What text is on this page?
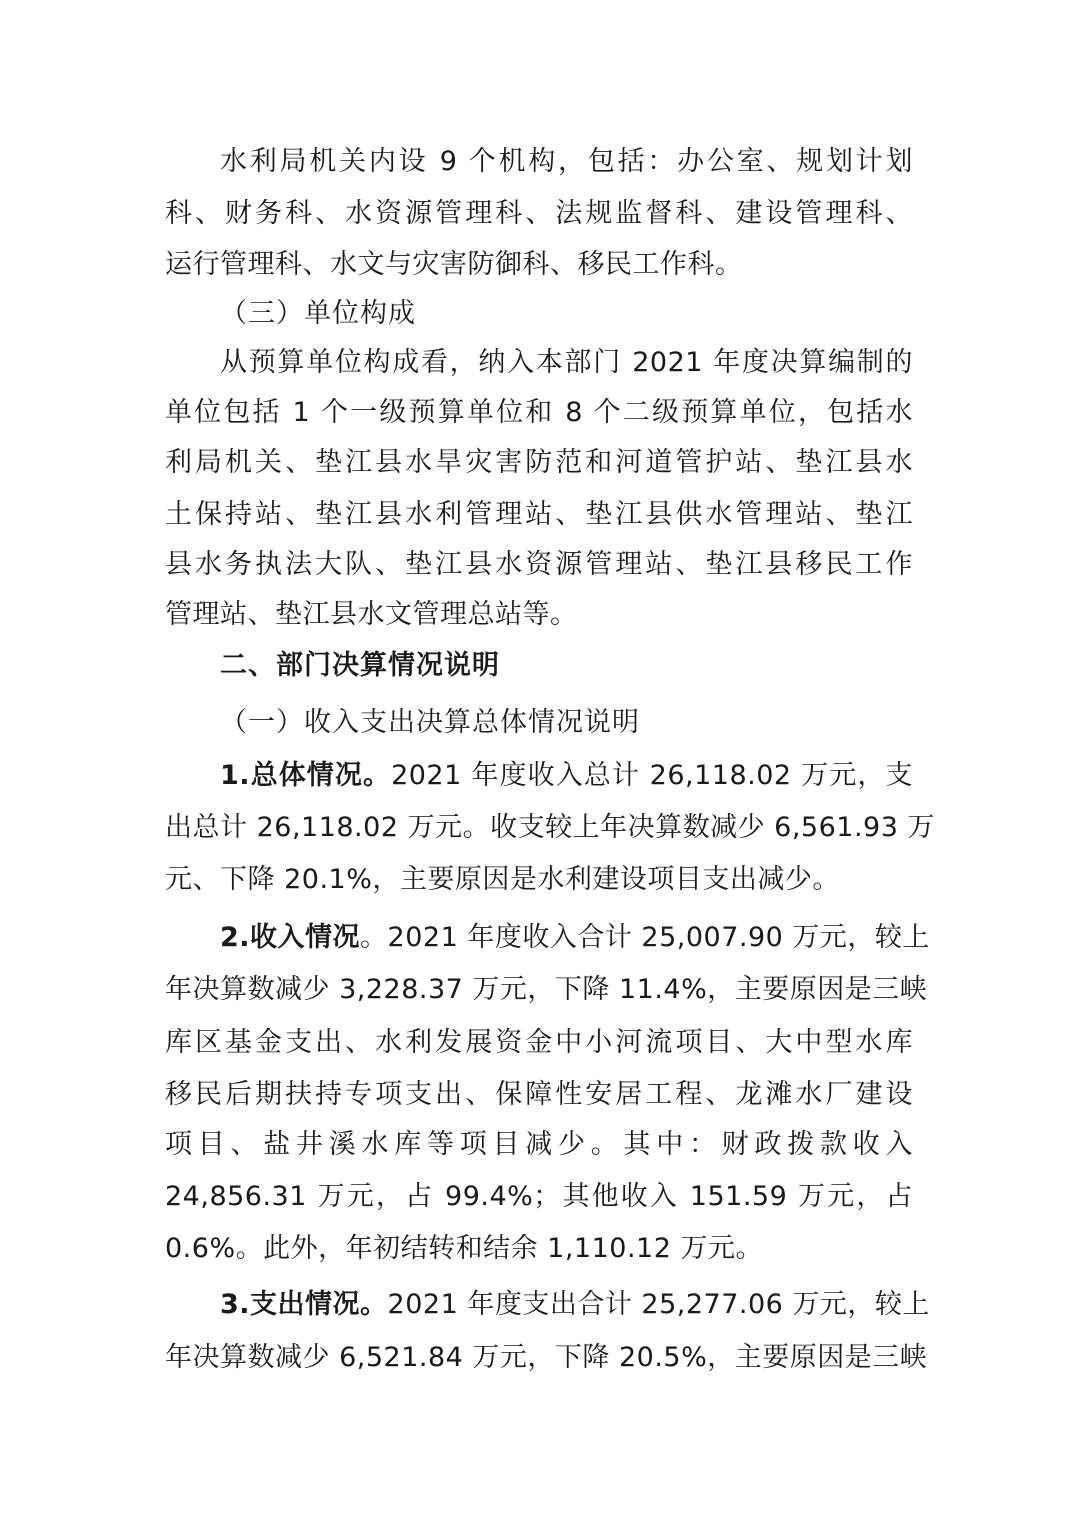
水利局机关内设 9 个机构，包括：办公室、规划计划
科、财务科、水资源管理科、法规监督科、建设管理科、
运行管理科、水文与灾害防御科、移民工作科。
（三）单位构成
从预算单位构成看，纳入本部门 2021 年度决算编制的
单位包括 1 个一级预算单位和 8 个二级预算单位，包括水
利局机关、垫江县水旱灾害防范和河道管护站、垫江县水
土保持站、垫江县水利管理站、垫江县供水管理站、垫江
县水务执法大队、垫江县水资源管理站、垫江县移民工作
管理站、垫江县水文管理总站等。
二、部门决算情况说明
（一）收入支出决算总体情况说明
1.总体情况。2021 年度收入总计 26,118.02 万元，支
出总计 26,118.02 万元。收支较上年决算数减少 6,561.93 万
元、下降 20.1%，主要原因是水利建设项目支出减少。
2.收入情况。2021 年度收入合计 25,007.90 万元，较上
年决算数减少 3,228.37 万元，下降 11.4%，主要原因是三峡
库区基金支出、水利发展资金中小河流项目、大中型水库
移民后期扶持专项支出、保障性安居工程、龙滩水厂建设
项目、盐井溪水库等项目减少。其中：财政拨款收入
24,856.31 万元，占 99.4%；其他收入 151.59 万元，占
0.6%。此外，年初结转和结余 1,110.12 万元。
3.支出情况。2021 年度支出合计 25,277.06 万元，较上
年决算数减少 6,521.84 万元，下降 20.5%，主要原因是三峡
